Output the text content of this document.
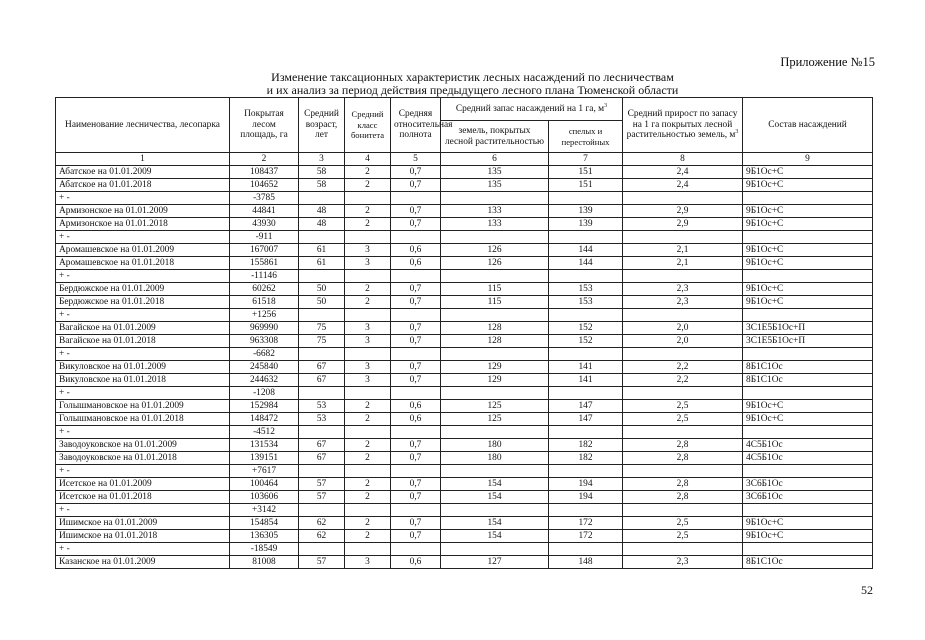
Приложение №15
Изменение таксационных характеристик лесных насаждений по лесничествам
и их анализ за период действия предыдущего лесного плана Тюменской области
Наименование лесничества, лесопарка	Покрытая лесом площадь, га	Средний возраст, лет	Средний класс бонитета	Средняя относительная полнота	Средний запас насаждений на 1 га, $м^3$		Средний прирост по запасу на 1 га покрытых лесной растительностью земель, $м^3$	Состав насаждений
					земель, покрытых лесной растительностью	спелых и перестойных		
1	2	3	4	5	6	7	8	9
Абатское на 01.01.2009	108437	58	2	0,7	135	151	2,4	9Б1Ос+С
Абатское на 01.01.2018	104652	58	2	0,7	135	151	2,4	9Б1Ос+С
+ -	-3785							
Армизонское на 01.01.2009	44841	48	2	0,7	133	139	2,9	9Б1Ос+С
Армизонское на 01.01.2018	43930	48	2	0,7	133	139	2,9	9Б1Ос+С
+ -	-911							
Аромашевское на 01.01.2009	167007	61	3	0,6	126	144	2,1	9Б1Ос+С
Аромашевское на 01.01.2018	155861	61	3	0,6	126	144	2,1	9Б1Ос+С
+ -	-11146							
Бердюжское на 01.01.2009	60262	50	2	0,7	115	153	2,3	9Б1Ос+С
Бердюжское на 01.01.2018	61518	50	2	0,7	115	153	2,3	9Б1Ос+С
+ -	+1256							
Вагайское на 01.01.2009	969990	75	3	0,7	128	152	2,0	3С1Е5Б1Ос+П
Вагайское на 01.01.2018	963308	75	3	0,7	128	152	2,0	3С1Е5Б1Ос+П
+ -	-6682							
Викуловское на 01.01.2009	245840	67	3	0,7	129	141	2,2	8Б1С1Ос
Викуловское на 01.01.2018	244632	67	3	0,7	129	141	2,2	8Б1С1Ос
+ -	-1208							
Голышмановское на 01.01.2009	152984	53	2	0,6	125	147	2,5	9Б1Ос+С
Голышмановское на 01.01.2018	148472	53	2	0,6	125	147	2,5	9Б1Ос+С
+ -	-4512							
Заводоуковское на 01.01.2009	131534	67	2	0,7	180	182	2,8	4С5Б1Ос
Заводоуковское на 01.01.2018	139151	67	2	0,7	180	182	2,8	4С5Б1Ос
+ -	+7617							
Исетское на 01.01.2009	100464	57	2	0,7	154	194	2,8	3С6Б1Ос
Исетское на 01.01.2018	103606	57	2	0,7	154	194	2,8	3С6Б1Ос
+ -	+3142							
Ишимское на 01.01.2009	154854	62	2	0,7	154	172	2,5	9Б1Ос+С
Ишимское на 01.01.2018	136305	62	2	0,7	154	172	2,5	9Б1Ос+С
+ -	-18549							
Казанское на 01.01.2009	81008	57	3	0,6	127	148	2,3	8Б1С1Ос
52
